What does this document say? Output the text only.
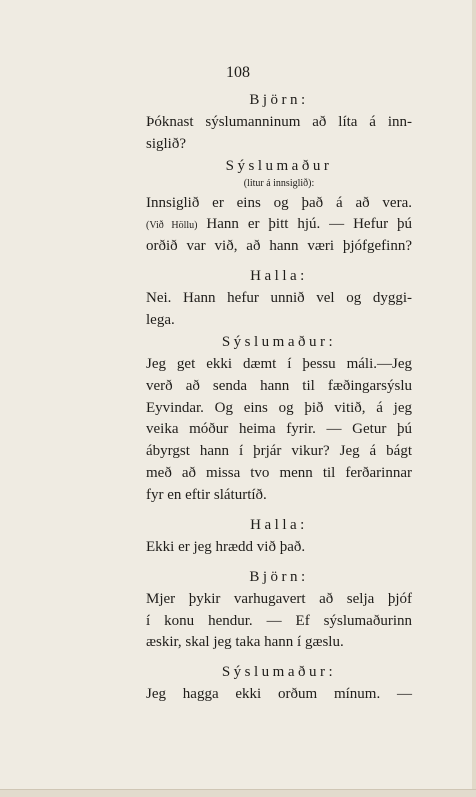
108

Björn:

Þóknast sýslumanninum að líta á inn-

siglið?

Sýslumaður

(litur á innsiglið):

Innsiglið er eins og það á að vera.

(Við Höllu) Hann er þitt hjú. — Hefur þú

orðið var við, að hann væri þjófgefinn?

Halla:

Nei. Hann hefur unnið vel og dyggi-

lega.

Sýslumaður:

Jeg get ekki dæmt í þessu máli.—Jeg

verð að senda hann til fæðingarsýslu

Eyvindar. Og eins og þið vitið, á jeg

veika móður heima fyrir. — Getur þú

ábyrgst hann í þrjár vikur? Jeg á bágt

með að missa tvo menn til ferðarinnar

fyr en eftir sláturtíð.

Halla:

Ekki er jeg hrædd við það.

Björn:

Mjer þykir varhugavert að selja þjóf

í konu hendur. — Ef sýslumaðurinn

æskir, skal jeg taka hann í gæslu.

Sýslumaður:

Jeg hagga ekki orðum mínum. —
